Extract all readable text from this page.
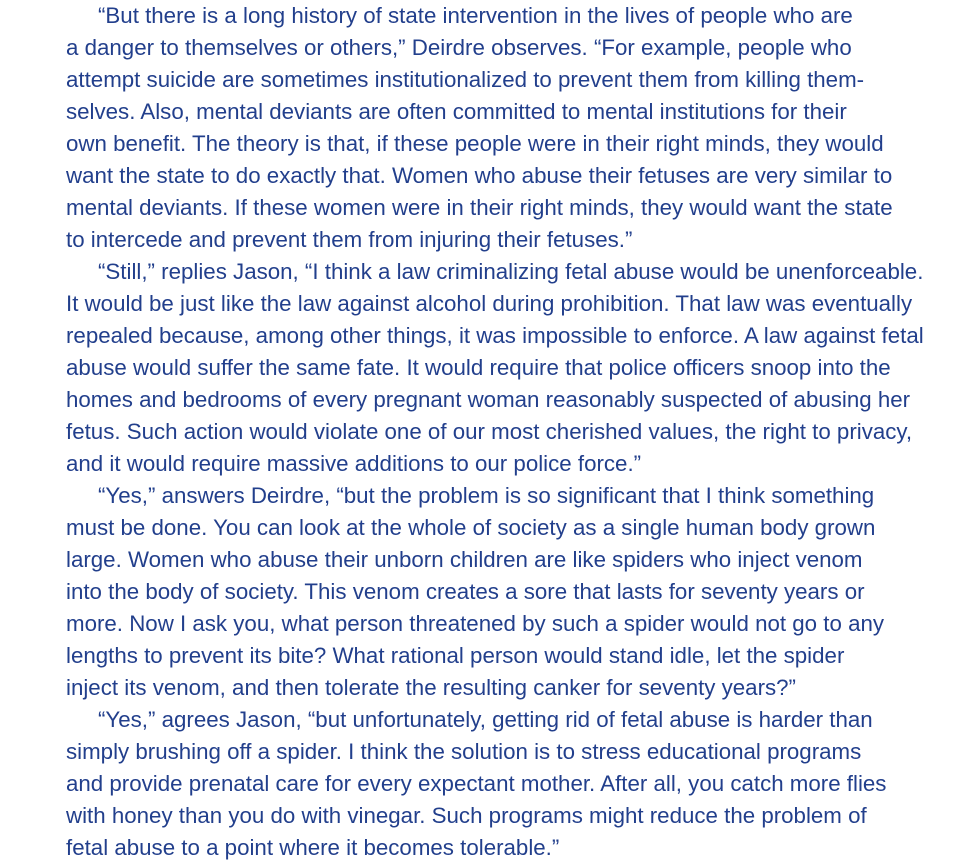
“But there is a long history of state intervention in the lives of people who are
a danger to themselves or others,” Deirdre observes. “For example, people who
attempt suicide are sometimes institutionalized to prevent them from killing them-
selves. Also, mental deviants are often committed to mental institutions for their
own benefit. The theory is that, if these people were in their right minds, they would
want the state to do exactly that. Women who abuse their fetuses are very similar to
mental deviants. If these women were in their right minds, they would want the state
to intercede and prevent them from injuring their fetuses.”
“Still,” replies Jason, “I think a law criminalizing fetal abuse would be unenforceable.
It would be just like the law against alcohol during prohibition. That law was eventually
repealed because, among other things, it was impossible to enforce. A law against fetal
abuse would suffer the same fate. It would require that police officers snoop into the
homes and bedrooms of every pregnant woman reasonably suspected of abusing her
fetus. Such action would violate one of our most cherished values, the right to privacy,
and it would require massive additions to our police force.”
“Yes,” answers Deirdre, “but the problem is so significant that I think something
must be done. You can look at the whole of society as a single human body grown
large. Women who abuse their unborn children are like spiders who inject venom
into the body of society. This venom creates a sore that lasts for seventy years or
more. Now I ask you, what person threatened by such a spider would not go to any
lengths to prevent its bite? What rational person would stand idle, let the spider
inject its venom, and then tolerate the resulting canker for seventy years?”
“Yes,” agrees Jason, “but unfortunately, getting rid of fetal abuse is harder than
simply brushing off a spider. I think the solution is to stress educational programs
and provide prenatal care for every expectant mother. After all, you catch more flies
with honey than you do with vinegar. Such programs might reduce the problem of
fetal abuse to a point where it becomes tolerable.”
